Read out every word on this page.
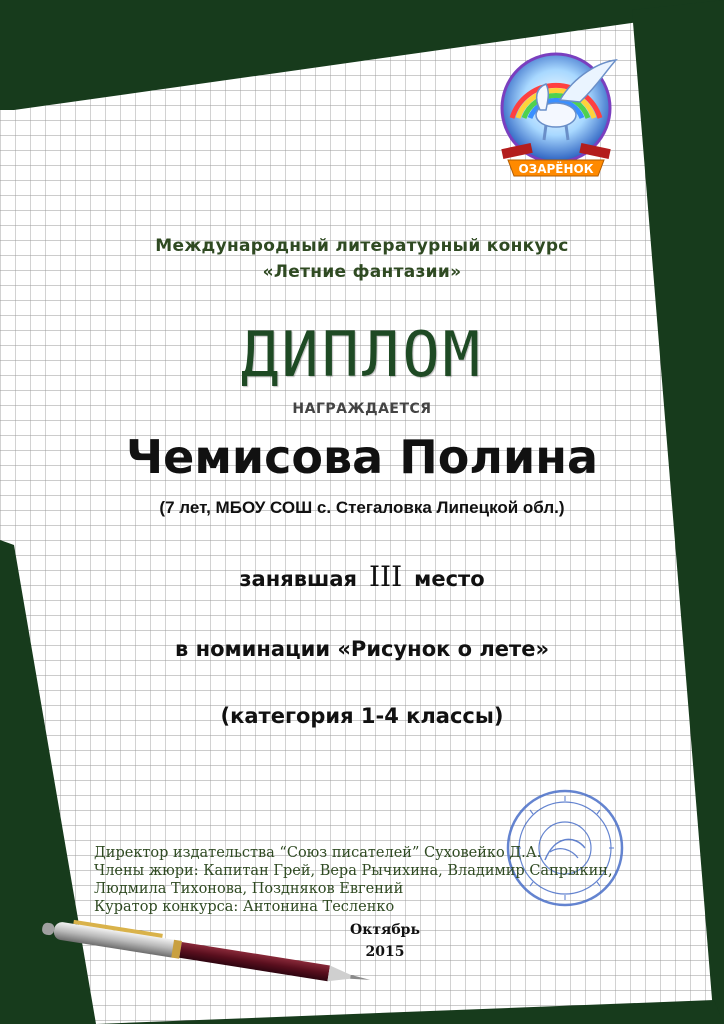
ОЗАРЁНОК
Международный литературный конкурс
«Летние фантазии»
ДИПЛОМ
НАГРАЖДАЕТСЯ
Чемисова Полина
(7 лет, МБОУ СОШ с. Стегаловка Липецкой обл.)
занявшая III место
в номинации «Рисунок о лете»
(категория 1-4 классы)
Директор издательства “Союз писателей” Суховейко Д.А.
Члены жюри: Капитан Грей, Вера Рычихина, Владимир Сапрыкин,
Людмила Тихонова, Поздняков Евгений
Куратор конкурса: Антонина Тесленко
Октябрь
2015
